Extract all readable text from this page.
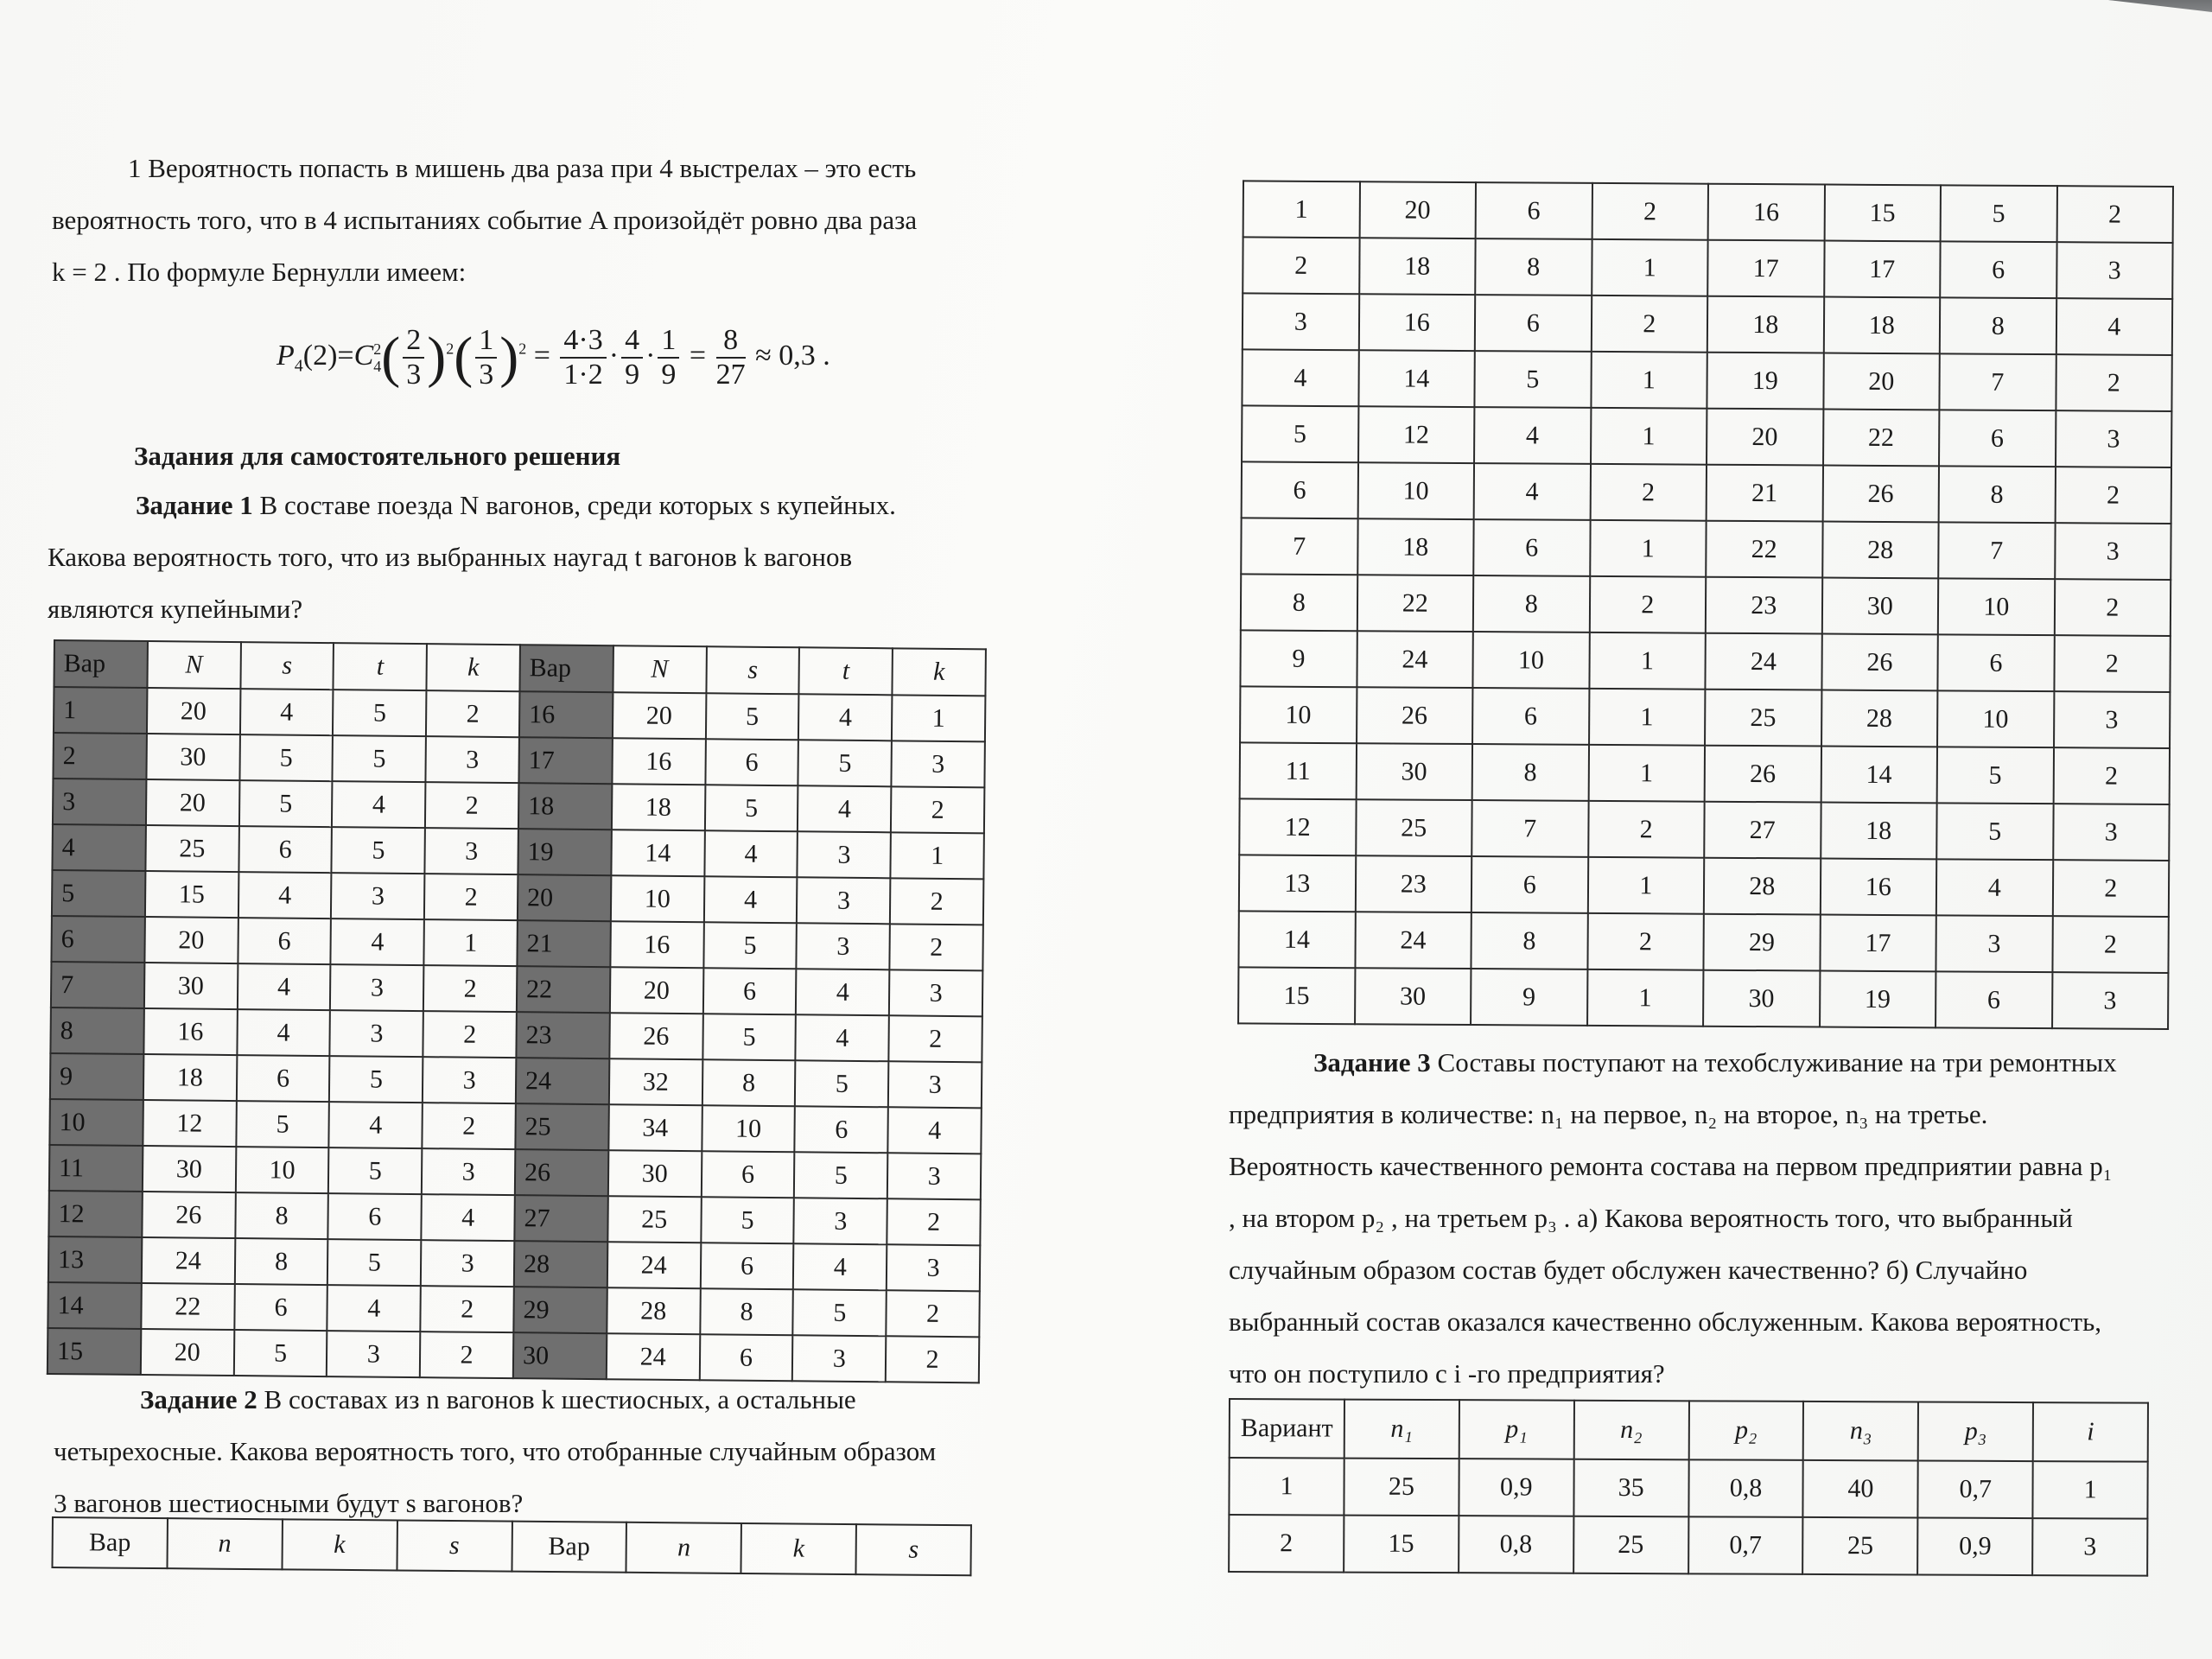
1 Вероятность попасть в мишень два раза при 4 выстрелах – это есть
вероятность того, что в 4 испытаниях событие A произойдёт ровно два раза
k = 2 . По формуле Бернулли имеем:
$P_4(2)=C$ 2
4 ( $\frac{2}{3} )^2( \frac{1}{3} )^2 = \frac{4\cdot 3}{1\cdot 2} \cdot \frac{4}{9} \cdot \frac{1}{9} = \frac{8}{27} \approx 0,3$ .
Задания для самостоятельного решения
Задание 1 В составе поезда N вагонов, среди которых s купейных.
Какова вероятность того, что из выбранных наугад t вагонов k вагонов
являются купейными?
Вар	N	s	t	k	Вар	N	s	t	k
1	20	4	5	2	16	20	5	4	1
2	30	5	5	3	17	16	6	5	3
3	20	5	4	2	18	18	5	4	2
4	25	6	5	3	19	14	4	3	1
5	15	4	3	2	20	10	4	3	2
6	20	6	4	1	21	16	5	3	2
7	30	4	3	2	22	20	6	4	3
8	16	4	3	2	23	26	5	4	2
9	18	6	5	3	24	32	8	5	3
10	12	5	4	2	25	34	10	6	4
11	30	10	5	3	26	30	6	5	3
12	26	8	6	4	27	25	5	3	2
13	24	8	5	3	28	24	6	4	3
14	22	6	4	2	29	28	8	5	2
15	20	5	3	2	30	24	6	3	2
Задание 2 В составах из n вагонов k шестиосных, а остальные
четырехосные. Какова вероятность того, что отобранные случайным образом
3 вагонов шестиосными будут s вагонов?
Вар	n	k	s	Вар	n	k	s
1	20	6	2	16	15	5	2
2	18	8	1	17	17	6	3
3	16	6	2	18	18	8	4
4	14	5	1	19	20	7	2
5	12	4	1	20	22	6	3
6	10	4	2	21	26	8	2
7	18	6	1	22	28	7	3
8	22	8	2	23	30	10	2
9	24	10	1	24	26	6	2
10	26	6	1	25	28	10	3
11	30	8	1	26	14	5	2
12	25	7	2	27	18	5	3
13	23	6	1	28	16	4	2
14	24	8	2	29	17	3	2
15	30	9	1	30	19	6	3
Задание 3 Составы поступают на техобслуживание на три ремонтных
предприятия в количестве: n₁ на первое, n₂ на вторoе, n₃ на третье.
Вероятность качественного ремонта состава на первом предприятии равна p₁
, на втором p₂ , на третьем p₃ . а) Какова вероятность того, что выбранный
случайным образом состав будет обслужен качественно? б) Случайно
выбранный состав оказался качественно обслуженным. Какова вероятность,
что он поступило с i -го предприятия?
Вариант	n₁	p₁	n₂	p₂	n₃	p₃	i
1	25	0,9	35	0,8	40	0,7	1
2	15	0,8	25	0,7	25	0,9	3
